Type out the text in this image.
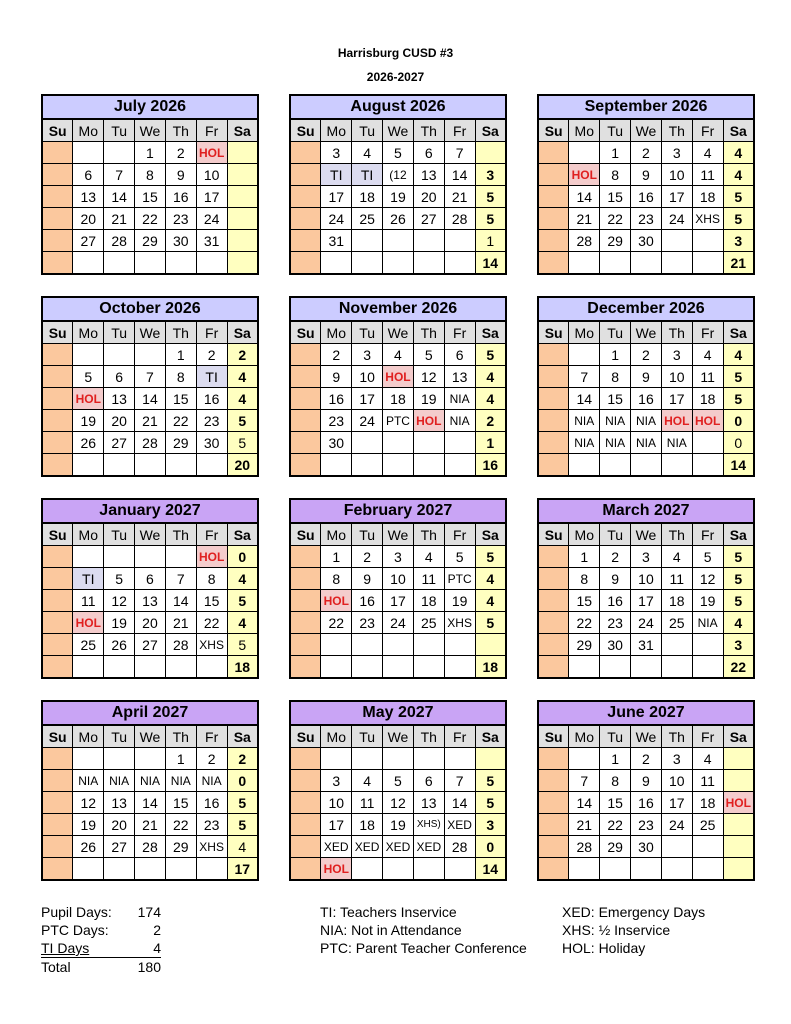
Harrisburg CUSD #3
2026-2027
July 2026
Su	Mo	Tu	We	Th	Fr	Sa
			1	2	HOL	
	6	7	8	9	10	
	13	14	15	16	17	
	20	21	22	23	24	
	27	28	29	30	31	

August 2026
Su	Mo	Tu	We	Th	Fr	Sa
	3	4	5	6	7	
	TI	TI	(12	13	14	3
	17	18	19	20	21	5
	24	25	26	27	28	5
	31					1
						14
September 2026
Su	Mo	Tu	We	Th	Fr	Sa
		1	2	3	4	4
	HOL	8	9	10	11	4
	14	15	16	17	18	5
	21	22	23	24	XHS	5
	28	29	30			3
						21
October 2026
Su	Mo	Tu	We	Th	Fr	Sa
				1	2	2
	5	6	7	8	TI	4
	HOL	13	14	15	16	4
	19	20	21	22	23	5
	26	27	28	29	30	5
						20
November 2026
Su	Mo	Tu	We	Th	Fr	Sa
	2	3	4	5	6	5
	9	10	HOL	12	13	4
	16	17	18	19	NIA	4
	23	24	PTC	HOL	NIA	2
	30					1
						16
December 2026
Su	Mo	Tu	We	Th	Fr	Sa
		1	2	3	4	4
	7	8	9	10	11	5
	14	15	16	17	18	5
	NIA	NIA	NIA	HOL	HOL	0
	NIA	NIA	NIA	NIA		0
						14
January 2027
Su	Mo	Tu	We	Th	Fr	Sa
					HOL	0
	TI	5	6	7	8	4
	11	12	13	14	15	5
	HOL	19	20	21	22	4
	25	26	27	28	XHS	5
						18
February 2027
Su	Mo	Tu	We	Th	Fr	Sa
	1	2	3	4	5	5
	8	9	10	11	PTC	4
	HOL	16	17	18	19	4
	22	23	24	25	XHS	5

						18
March 2027
Su	Mo	Tu	We	Th	Fr	Sa
	1	2	3	4	5	5
	8	9	10	11	12	5
	15	16	17	18	19	5
	22	23	24	25	NIA	4
	29	30	31			3
						22
April 2027
Su	Mo	Tu	We	Th	Fr	Sa
				1	2	2
	NIA	NIA	NIA	NIA	NIA	0
	12	13	14	15	16	5
	19	20	21	22	23	5
	26	27	28	29	XHS	4
						17
May 2027
Su	Mo	Tu	We	Th	Fr	Sa

	3	4	5	6	7	5
	10	11	12	13	14	5
	17	18	19	XHS)	XED	3
	XED	XED	XED	XED	28	0
	HOL					14
June 2027
Su	Mo	Tu	We	Th	Fr	Sa
		1	2	3	4	
	7	8	9	10	11	
	14	15	16	17	18	HOL
	21	22	23	24	25	
	28	29	30			

Pupil Days: 174
PTC Days:	2
TI Days	4
Total	180
TI: Teachers Inservice
NIA: Not in Attendance
PTC: Parent Teacher Conference
XED: Emergency Days
XHS: ½ Inservice
HOL: Holiday
